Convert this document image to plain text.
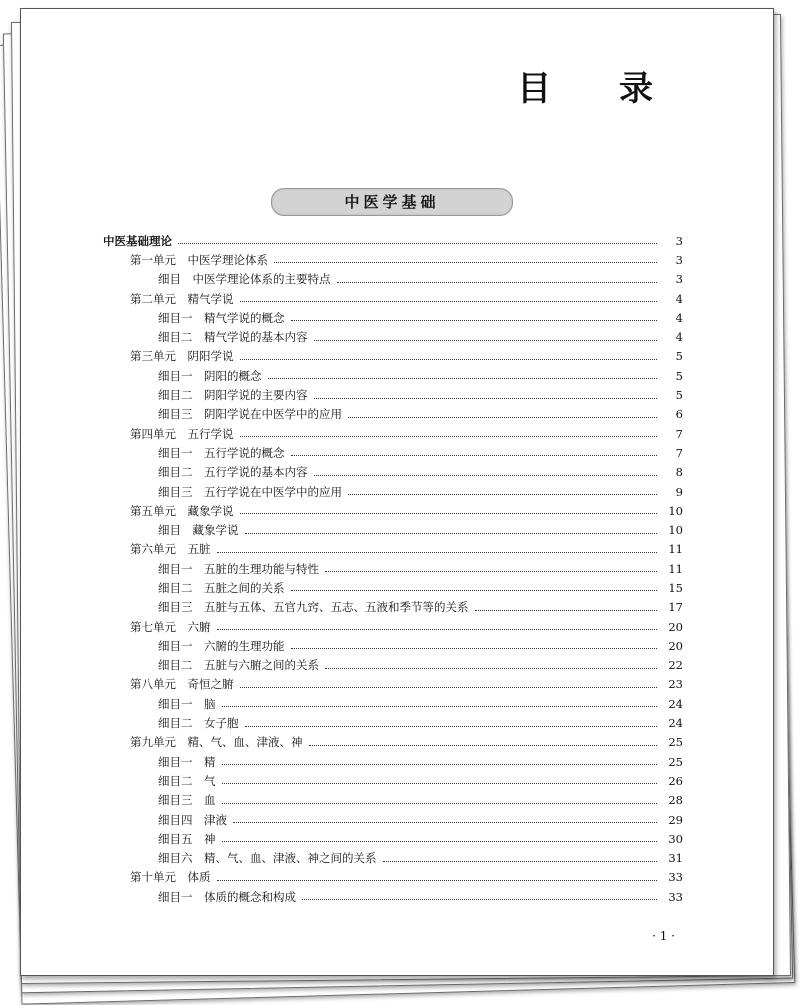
目 录
中医学基础
中医基础理论	3
第一单元　中医学理论体系	3
细目　中医学理论体系的主要特点	3
第二单元　精气学说	4
细目一　精气学说的概念	4
细目二　精气学说的基本内容	4
第三单元　阴阳学说	5
细目一　阴阳的概念	5
细目二　阴阳学说的主要内容	5
细目三　阴阳学说在中医学中的应用	6
第四单元　五行学说	7
细目一　五行学说的概念	7
细目二　五行学说的基本内容	8
细目三　五行学说在中医学中的应用	9
第五单元　藏象学说	10
细目　藏象学说	10
第六单元　五脏	11
细目一　五脏的生理功能与特性	11
细目二　五脏之间的关系	15
细目三　五脏与五体、五官九窍、五志、五液和季节等的关系	17
第七单元　六腑	20
细目一　六腑的生理功能	20
细目二　五脏与六腑之间的关系	22
第八单元　奇恒之腑	23
细目一　脑	24
细目二　女子胞	24
第九单元　精、气、血、津液、神	25
细目一　精	25
细目二　气	26
细目三　血	28
细目四　津液	29
细目五　神	30
细目六　精、气、血、津液、神之间的关系	31
第十单元　体质	33
细目一　体质的概念和构成	33
· 1 ·
